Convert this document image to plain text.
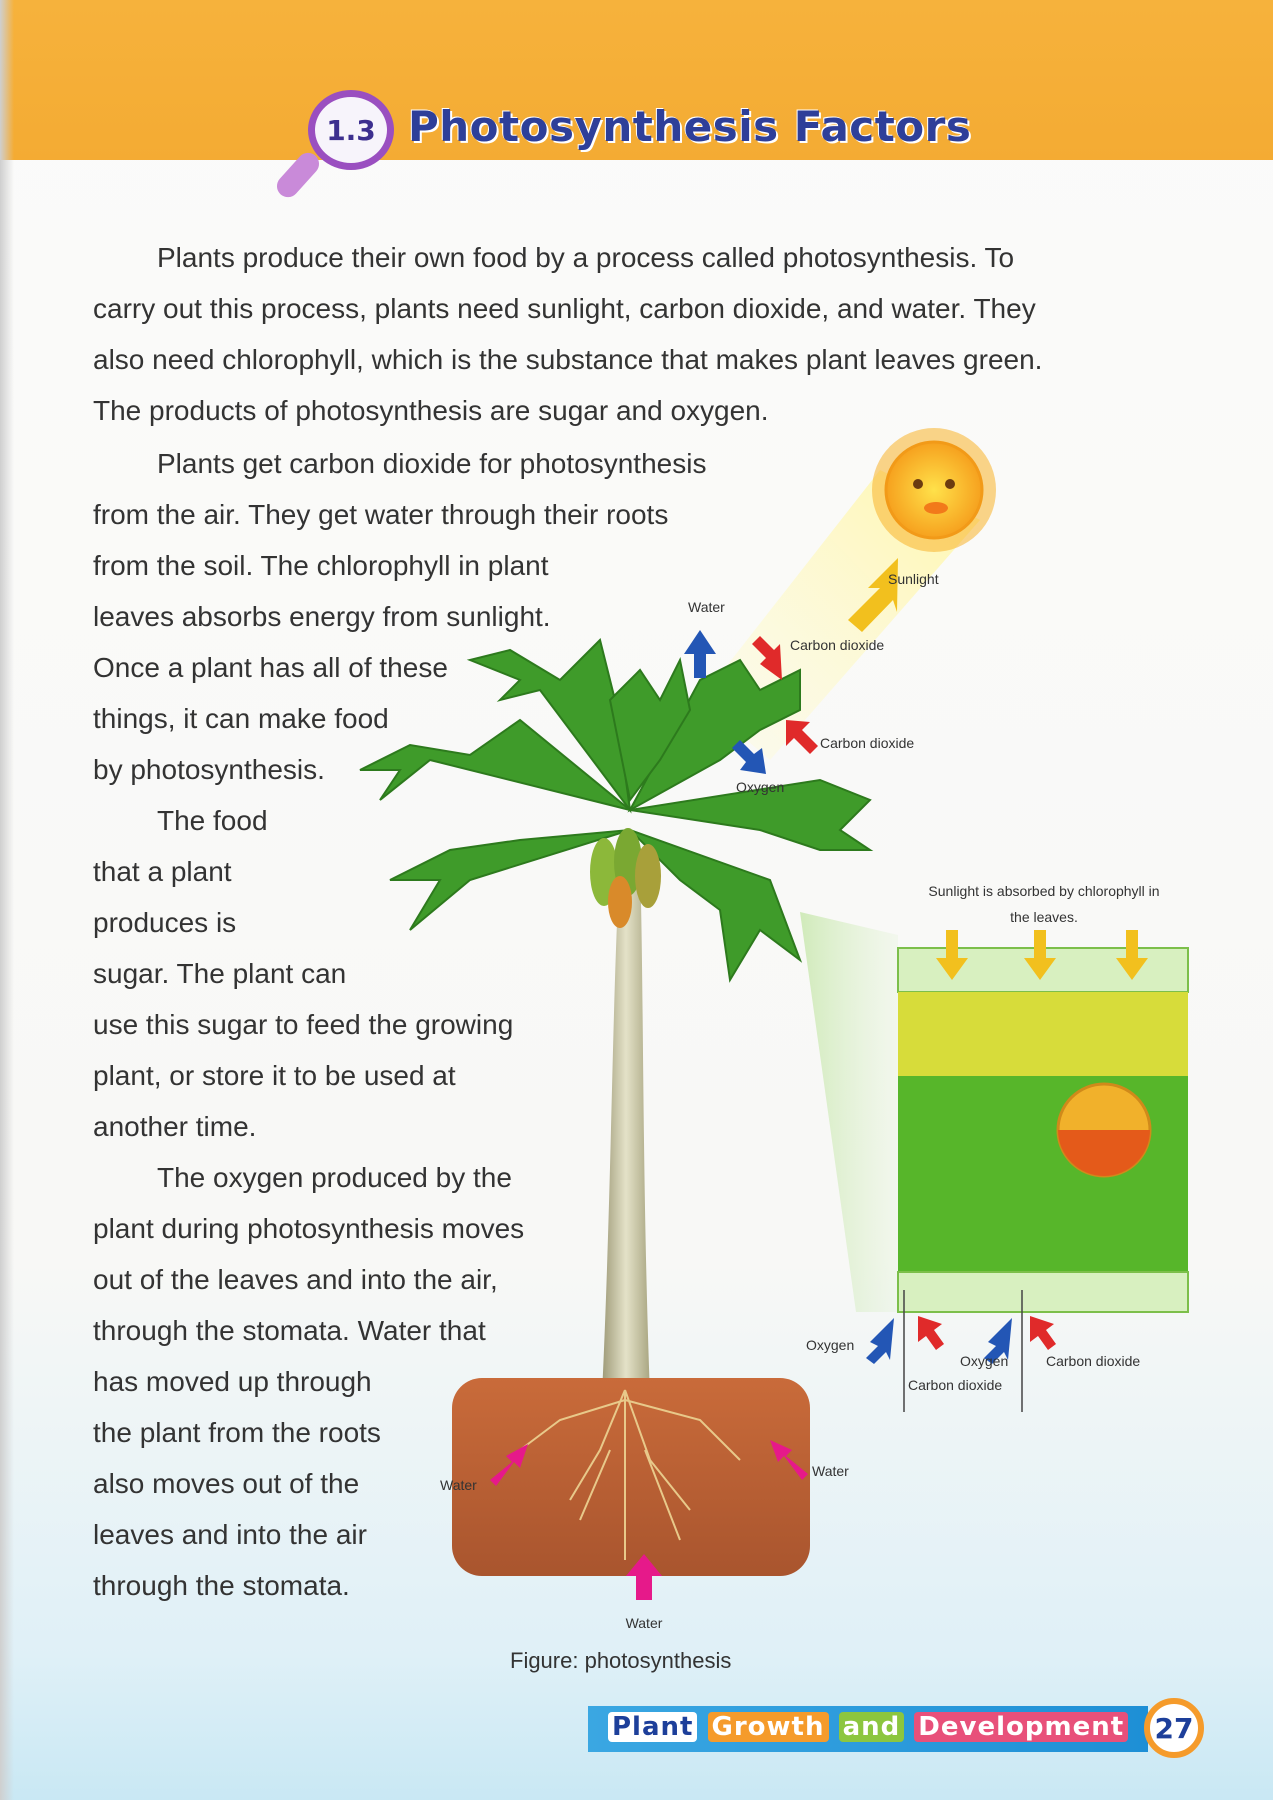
1.3 Photosynthesis Factors

Plants produce their own food by a process called photosynthesis. To
carry out this process, plants need sunlight, carbon dioxide, and water. They
also need chlorophyll, which is the substance that makes plant leaves green.
The products of photosynthesis are sugar and oxygen.

Sunlight
Water
Carbon dioxide
Carbon dioxide
Oxygen
Sunlight is absorbed by chlorophyll in
the leaves.
Oxygen
Oxygen
Carbon dioxide
Carbon dioxide
Water
Water
Water

Plants get carbon dioxide for photosynthesis
from the air. They get water through their roots
from the soil. The chlorophyll in plant
leaves absorbs energy from sunlight.
Once a plant has all of these
things, it can make food
by photosynthesis.
The food
that a plant
produces is
sugar. The plant can
use this sugar to feed the growing
plant, or store it to be used at
another time.
The oxygen produced by the
plant during photosynthesis moves
out of the leaves and into the air,
through the stomata. Water that
has moved up through
the plant from the roots
also moves out of the
leaves and into the air
through the stomata.

Figure: photosynthesis
Plant Growth and Development	27
